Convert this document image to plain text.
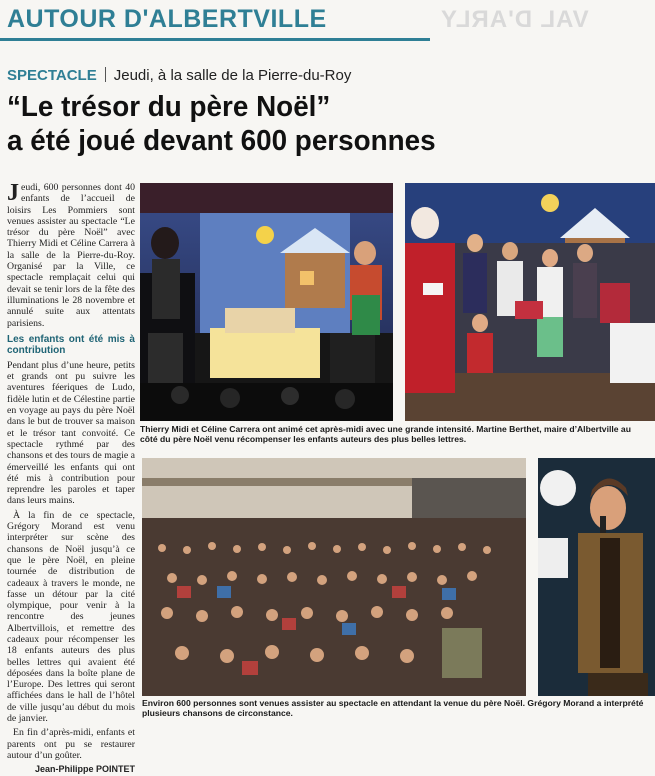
AUTOUR D'ALBERTVILLE	VAL D'ARLY
SPECTACLE Jeudi, à la salle de la Pierre-du-Roy
“Le trésor du père Noël”
a été joué devant 600 personnes

Jeudi, 600 personnes dont 40 enfants de l’accueil de loisirs Les Pommiers sont venues assister au spectacle “Le trésor du père Noël” avec Thierry Midi et Céline Carrera à la salle de la Pierre-du-Roy. Organisé par la Ville, ce spectacle remplaçait celui qui devait se tenir lors de la fête des illuminations le 28 novembre et annulé suite aux attentats parisiens.

Les enfants ont été mis à contribution

Pendant plus d’une heure, petits et grands ont pu suivre les aventures féeriques de Ludo, fidèle lutin et de Célestine partie en voyage au pays du père Noël dans le but de trouver sa maison et le trésor tant convoité. Ce spectacle rythmé par des chansons et des tours de magie a émerveillé les enfants qui ont été mis à contribution pour reprendre les paroles et taper dans leurs mains.

À la fin de ce spectacle, Grégory Morand est venu interpréter sur scène des chansons de Noël jusqu’à ce que le père Noël, en pleine tournée de distribution de cadeaux à travers le monde, ne fasse un détour par la cité olympique, pour venir à la rencontre des jeunes Albertvillois, et remettre des cadeaux pour récompenser les 18 enfants auteurs des plus belles lettres qui avaient été déposées dans la boîte plane de l’Europe. Des lettres qui seront affichées dans le hall de l’hôtel de ville jusqu’au début du mois de janvier.

En fin d’après-midi, enfants et parents ont pu se restaurer autour d’un goûter.

Jean-Philippe POINTET
Thierry Midi et Céline Carrera ont animé cet après-midi avec une grande intensité. Martine Berthet, maire d’Albertville au côté du père Noël venu récompenser les enfants auteurs des plus belles lettres.
Environ 600 personnes sont venues assister au spectacle en attendant la venue du père Noël. Grégory Morand a interprété plusieurs chansons de circonstance.
